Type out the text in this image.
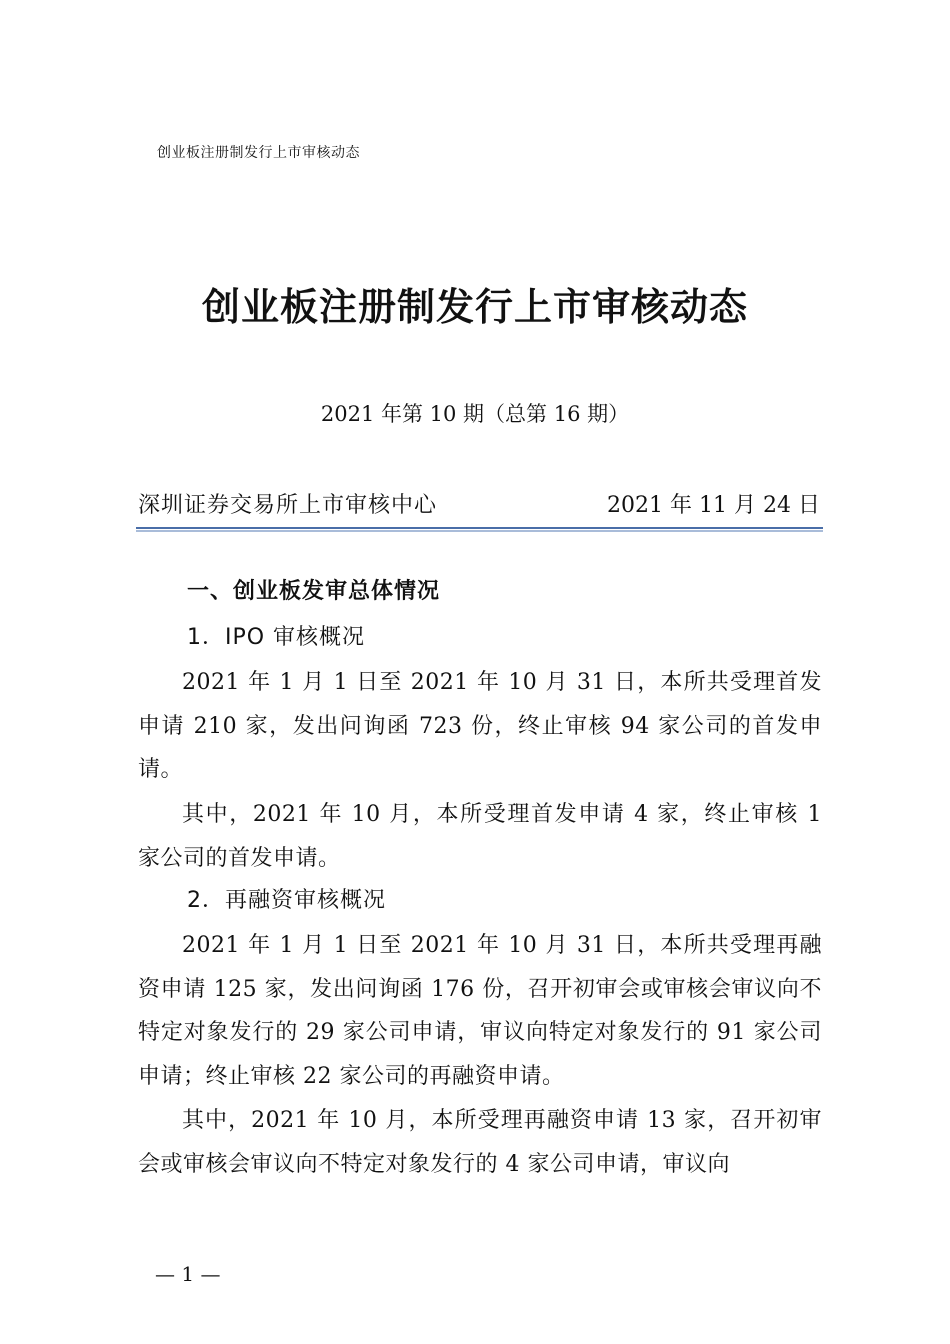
创业板注册制发行上市审核动态
创业板注册制发行上市审核动态
2021 年第 10 期（总第 16 期）
深圳证券交易所上市审核中心	2021 年 11 月 24 日
一、创业板发审总体情况
1．IPO 审核概况
2021 年 1 月 1 日至 2021 年 10 月 31 日，本所共受理首发申请 210 家，发出问询函 723 份，终止审核 94 家公司的首发申请。
其中，2021 年 10 月，本所受理首发申请 4 家，终止审核 1 家公司的首发申请。
2．再融资审核概况
2021 年 1 月 1 日至 2021 年 10 月 31 日，本所共受理再融资申请 125 家，发出问询函 176 份，召开初审会或审核会审议向不特定对象发行的 29 家公司申请，审议向特定对象发行的 91 家公司申请；终止审核 22 家公司的再融资申请。
其中，2021 年 10 月，本所受理再融资申请 13 家，召开初审会或审核会审议向不特定对象发行的 4 家公司申请，审议向
— 1 —
